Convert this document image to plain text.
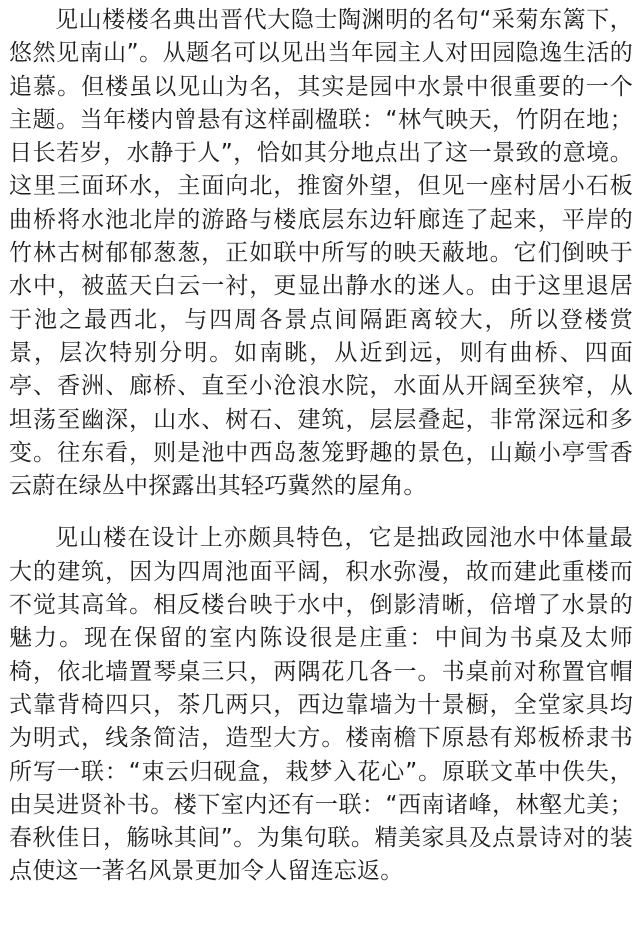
见山楼楼名典出晋代大隐士陶渊明的名句“采菊东篱下，悠然见南山”。从题名可以见出当年园主人对田园隐逸生活的追慕。但楼虽以见山为名，其实是园中水景中很重要的一个主题。当年楼内曾悬有这样副楹联：“林气映天，竹阴在地；日长若岁，水静于人”，恰如其分地点出了这一景致的意境。这里三面环水，主面向北，推窗外望，但见一座村居小石板曲桥将水池北岸的游路与楼底层东边轩廊连了起来，平岸的竹林古树郁郁葱葱，正如联中所写的映天蔽地。它们倒映于水中，被蓝天白云一衬，更显出静水的迷人。由于这里退居于池之最西北，与四周各景点间隔距离较大，所以登楼赏景，层次特别分明。如南眺，从近到远，则有曲桥、四面亭、香洲、廊桥、直至小沧浪水院，水面从开阔至狭窄，从坦荡至幽深，山水、树石、建筑，层层叠起，非常深远和多变。往东看，则是池中西岛葱笼野趣的景色，山巅小亭雪香云蔚在绿丛中探露出其轻巧冀然的屋角。

见山楼在设计上亦颇具特色，它是拙政园池水中体量最大的建筑，因为四周池面平阔，积水弥漫，故而建此重楼而不觉其高耸。相反楼台映于水中，倒影清晰，倍增了水景的魅力。现在保留的室内陈设很是庄重：中间为书桌及太师椅，依北墙置琴桌三只，两隅花几各一。书桌前对称置官帽式靠背椅四只，茶几两只，西边靠墙为十景橱，全堂家具均为明式，线条简洁，造型大方。楼南檐下原悬有郑板桥隶书所写一联：“束云归砚盒，栽梦入花心”。原联文革中佚失，由吴进贤补书。楼下室内还有一联：“西南诸峰，林壑尤美；春秋佳日，觞咏其间”。为集句联。精美家具及点景诗对的装点使这一著名风景更加令人留连忘返。
